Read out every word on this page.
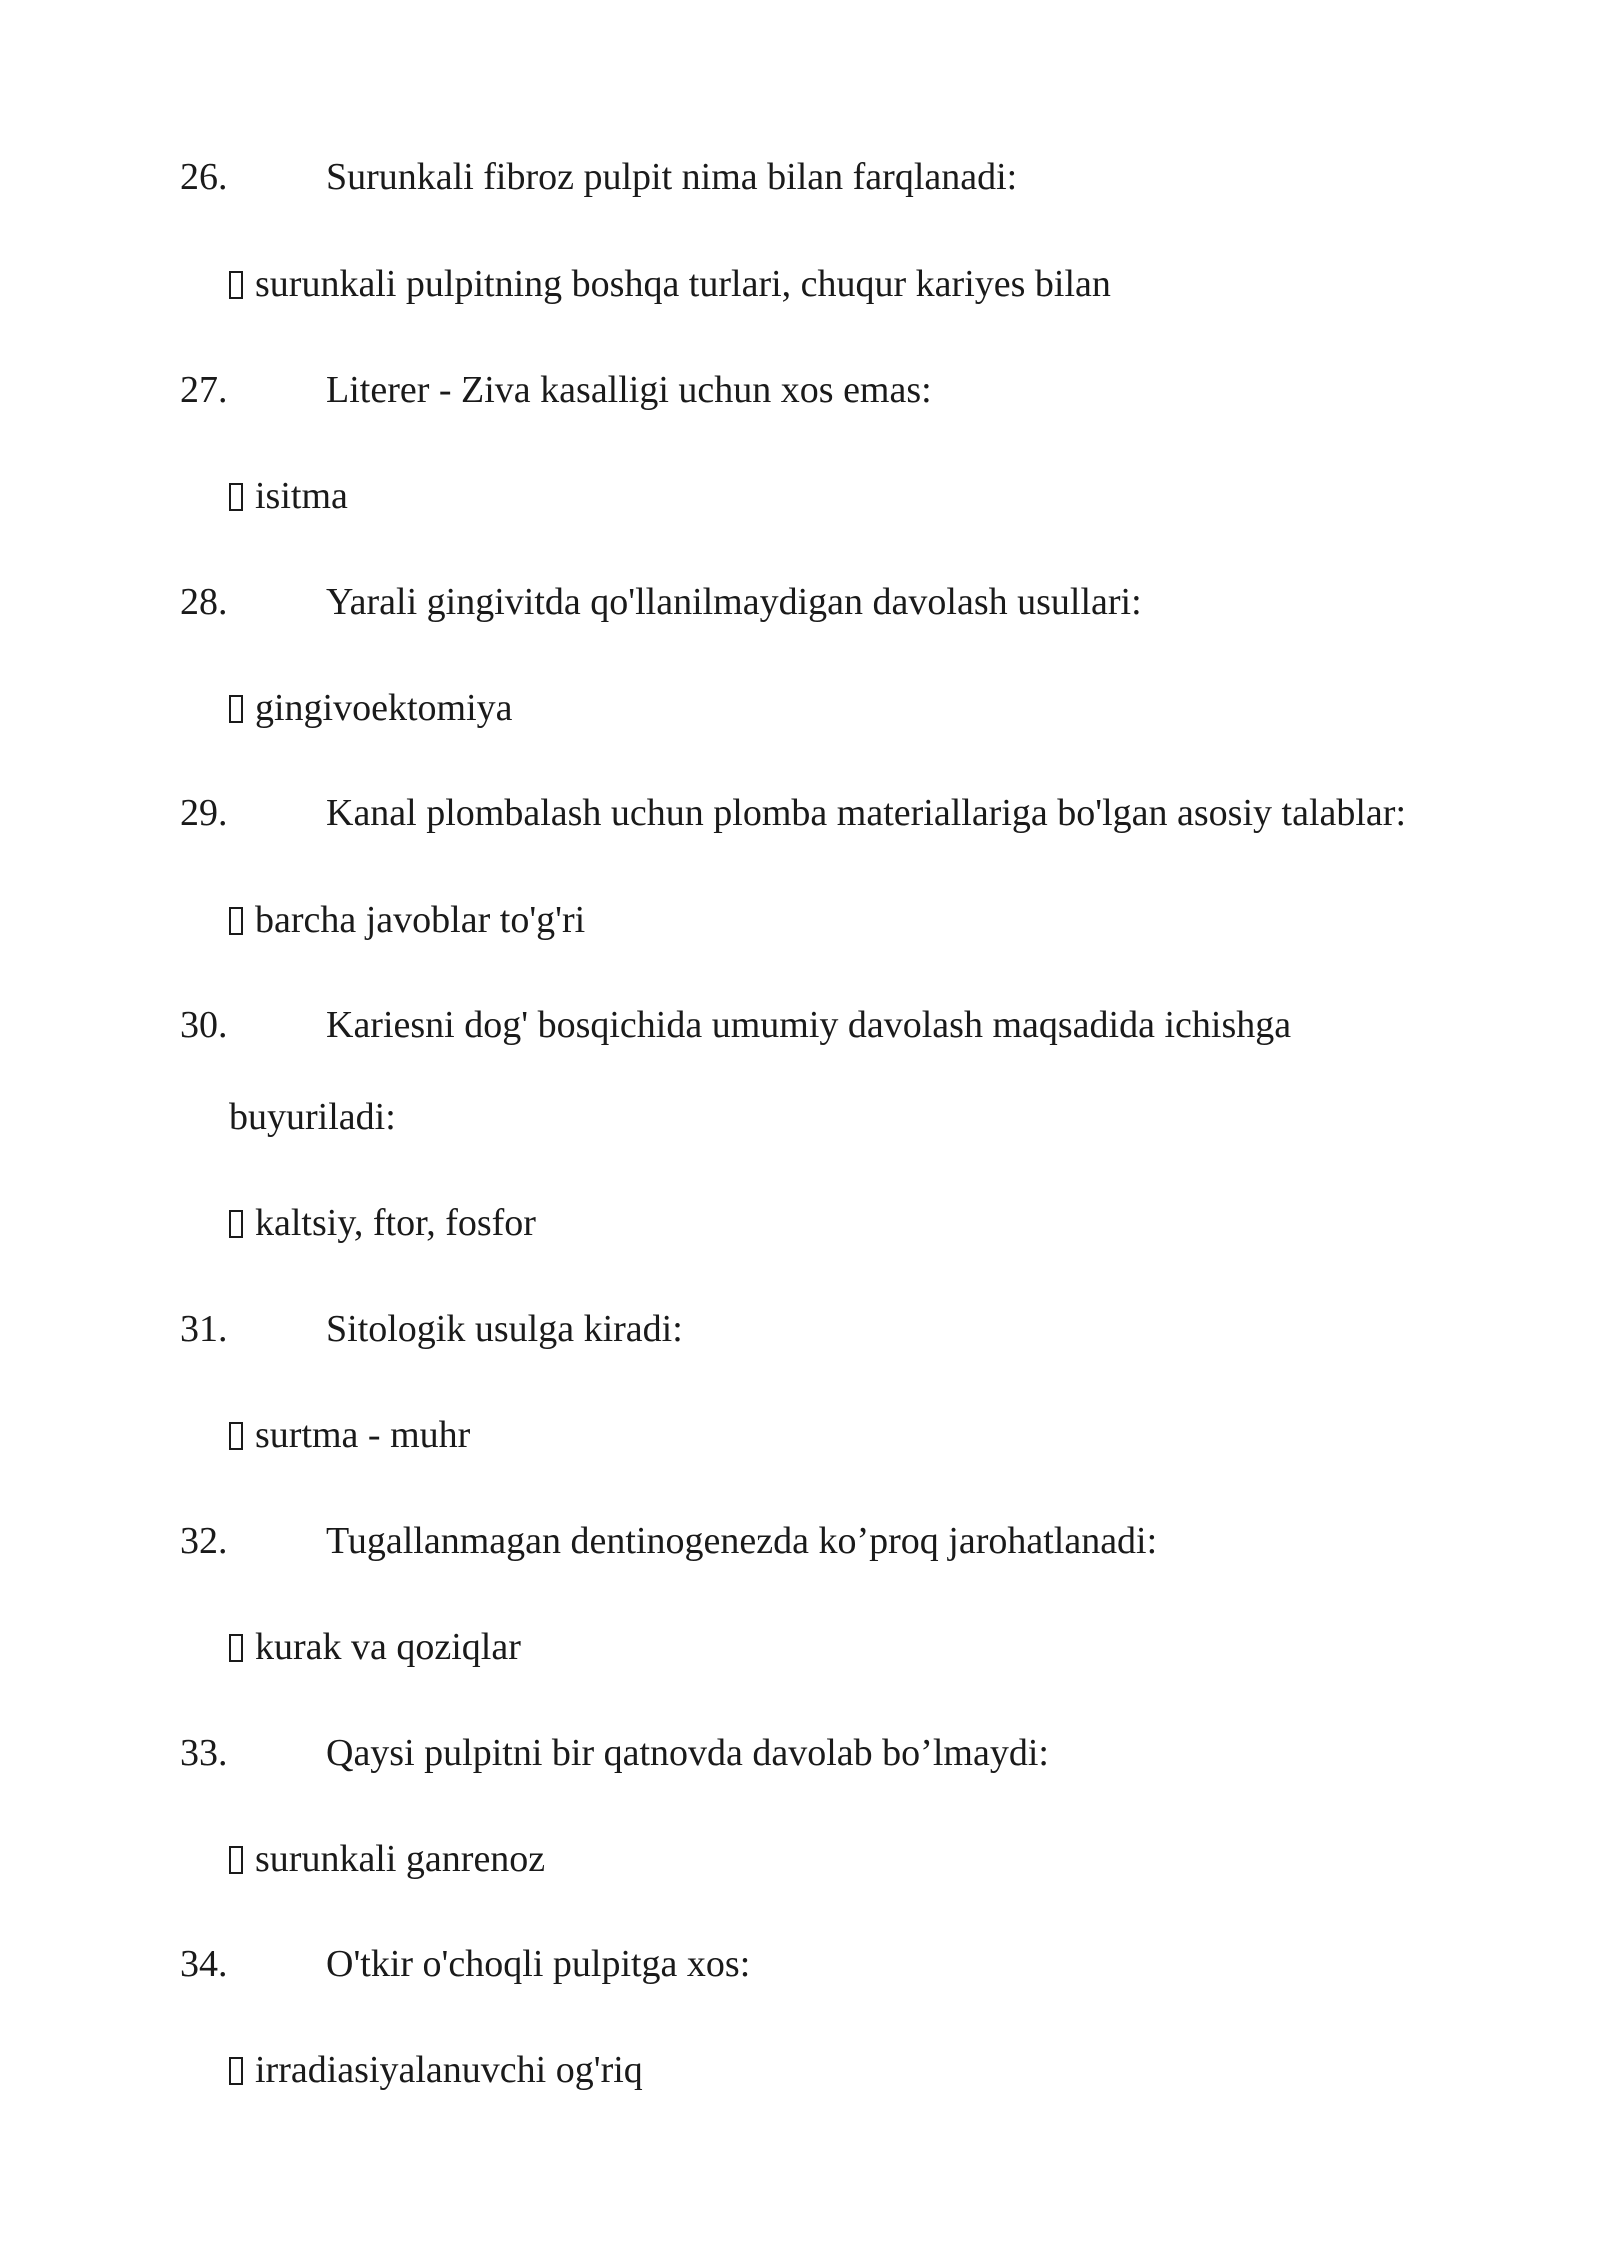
26.	Surunkali fibroz pulpit nima bilan farqlanadi:
surunkali pulpitning boshqa turlari, chuqur kariyes bilan
27.	Literer - Ziva kasalligi uchun xos emas:
isitma
28.	Yarali gingivitda qo'llanilmaydigan davolash usullari:
gingivoektomiya
29.	Kanal plombalash uchun plomba materiallariga bo'lgan asosiy talablar:
barcha javoblar to'g'ri
30.	Kariesni dog' bosqichida umumiy davolash maqsadida ichishga
buyuriladi:
kaltsiy, ftor, fosfor
31.	Sitologik usulga kiradi:
surtma - muhr
32.	Tugallanmagan dentinogenezda ko’proq jarohatlanadi:
kurak va qoziqlar
33.	Qaysi pulpitni bir qatnovda davolab bo’lmaydi:
surunkali ganrenoz
34.	O'tkir o'choqli pulpitga xos:
irradiasiyalanuvchi og'riq
